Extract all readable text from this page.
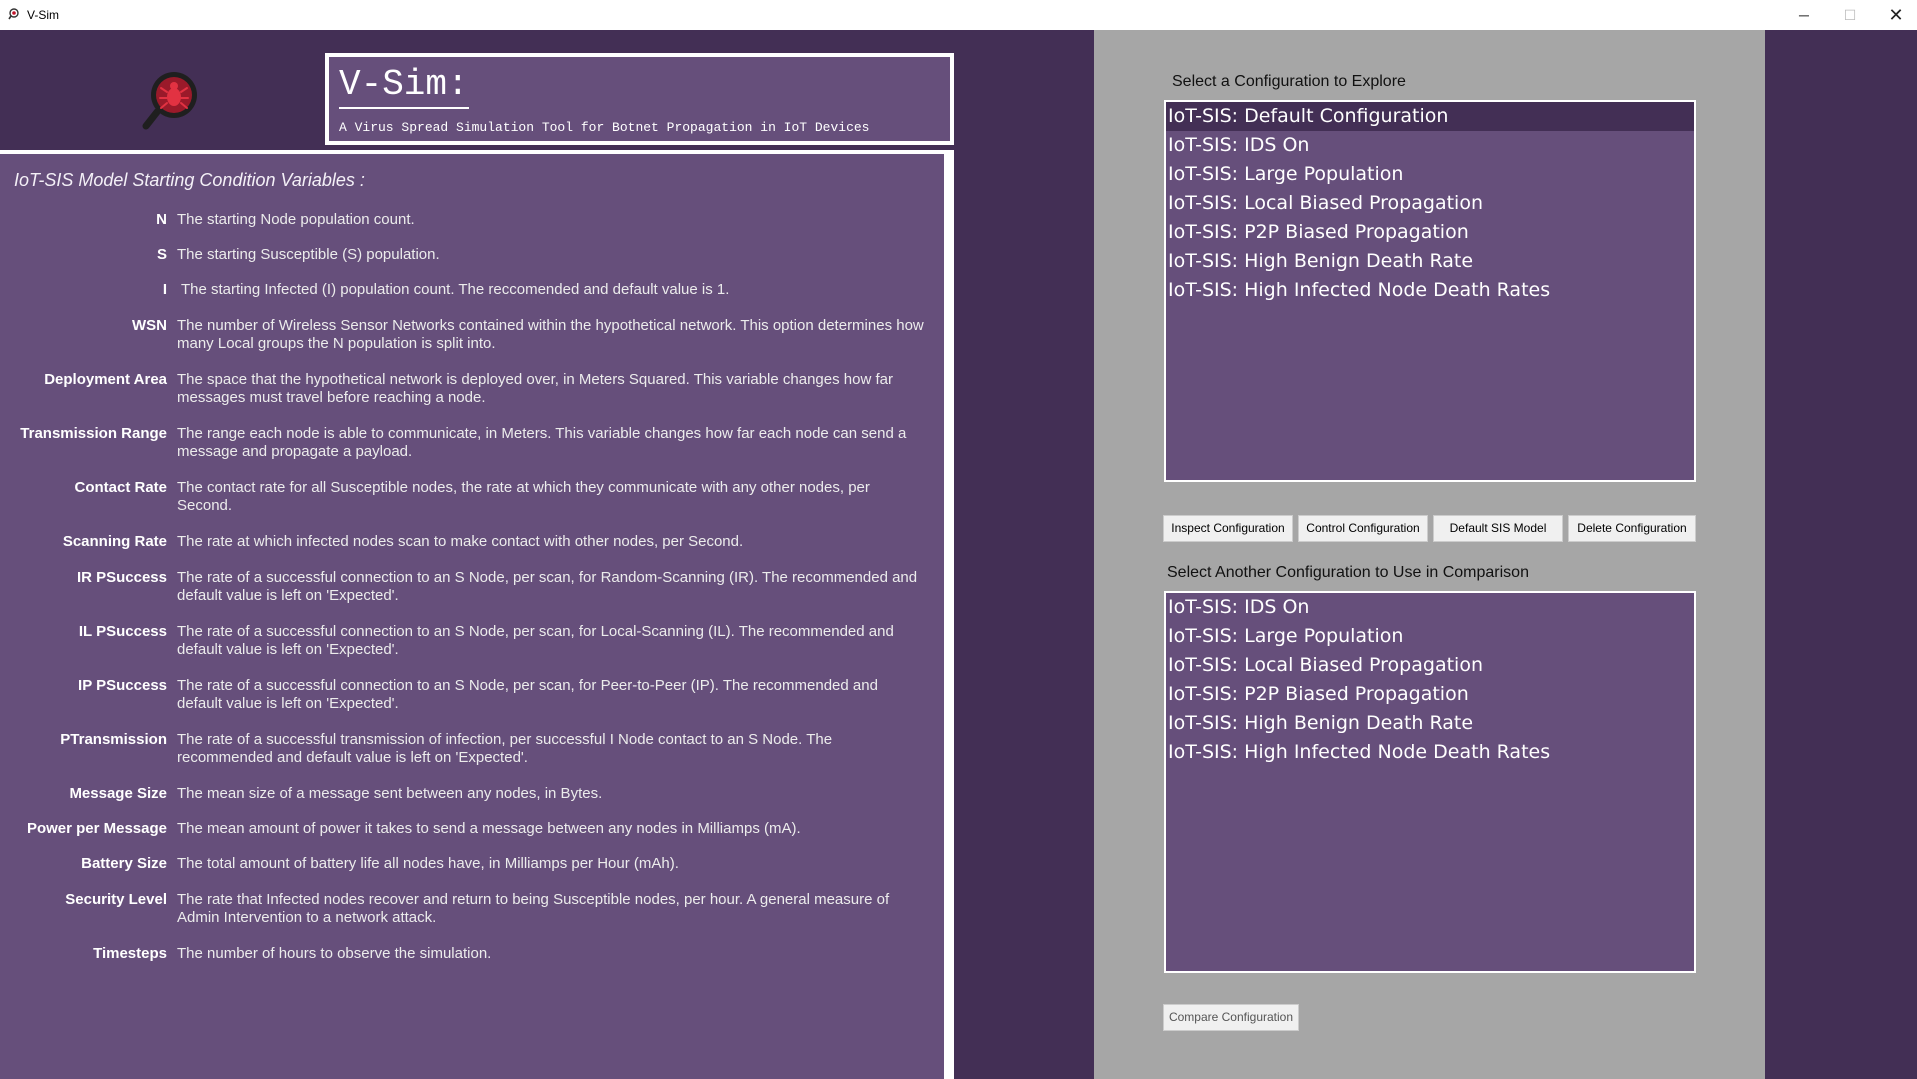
V-Sim	─ ☐ ✕
V-Sim:
A Virus Spread Simulation Tool for Botnet Propagation in IoT Devices
IoT-SIS Model Starting Condition Variables :
N The starting Node population count.
S The starting Susceptible (S) population.
I The starting Infected (I) population count. The reccomended and default value is 1.
WSN The number of Wireless Sensor Networks contained within the hypothetical network. This option determines how many Local groups the N population is split into.
Deployment Area The space that the hypothetical network is deployed over, in Meters Squared. This variable changes how far messages must travel before reaching a node.
Transmission Range The range each node is able to communicate, in Meters. This variable changes how far each node can send a message and propagate a payload.
Contact Rate The contact rate for all Susceptible nodes, the rate at which they communicate with any other nodes, per Second.
Scanning Rate The rate at which infected nodes scan to make contact with other nodes, per Second.
IR PSuccess The rate of a successful connection to an S Node, per scan, for Random-Scanning (IR). The recommended and default value is left on 'Expected'.
IL PSuccess The rate of a successful connection to an S Node, per scan, for Local-Scanning (IL). The recommended and default value is left on 'Expected'.
IP PSuccess The rate of a successful connection to an S Node, per scan, for Peer-to-Peer (IP). The recommended and default value is left on 'Expected'.
PTransmission The rate of a successful transmission of infection, per successful I Node contact to an S Node. The recommended and default value is left on 'Expected'.
Message Size The mean size of a message sent between any nodes, in Bytes.
Power per Message The mean amount of power it takes to send a message between any nodes in Milliamps (mA).
Battery Size The total amount of battery life all nodes have, in Milliamps per Hour (mAh).
Security Level The rate that Infected nodes recover and return to being Susceptible nodes, per hour. A general measure of Admin Intervention to a network attack.
Timesteps The number of hours to observe the simulation.
Select a Configuration to Explore
IoT-SIS: Default Configuration
IoT-SIS: IDS On
IoT-SIS: Large Population
IoT-SIS: Local Biased Propagation
IoT-SIS: P2P Biased Propagation
IoT-SIS: High Benign Death Rate
IoT-SIS: High Infected Node Death Rates
Inspect Configuration	Control Configuration	Default SIS Model	Delete Configuration
Select Another Configuration to Use in Comparison
IoT-SIS: IDS On
IoT-SIS: Large Population
IoT-SIS: Local Biased Propagation
IoT-SIS: P2P Biased Propagation
IoT-SIS: High Benign Death Rate
IoT-SIS: High Infected Node Death Rates
Compare Configuration
